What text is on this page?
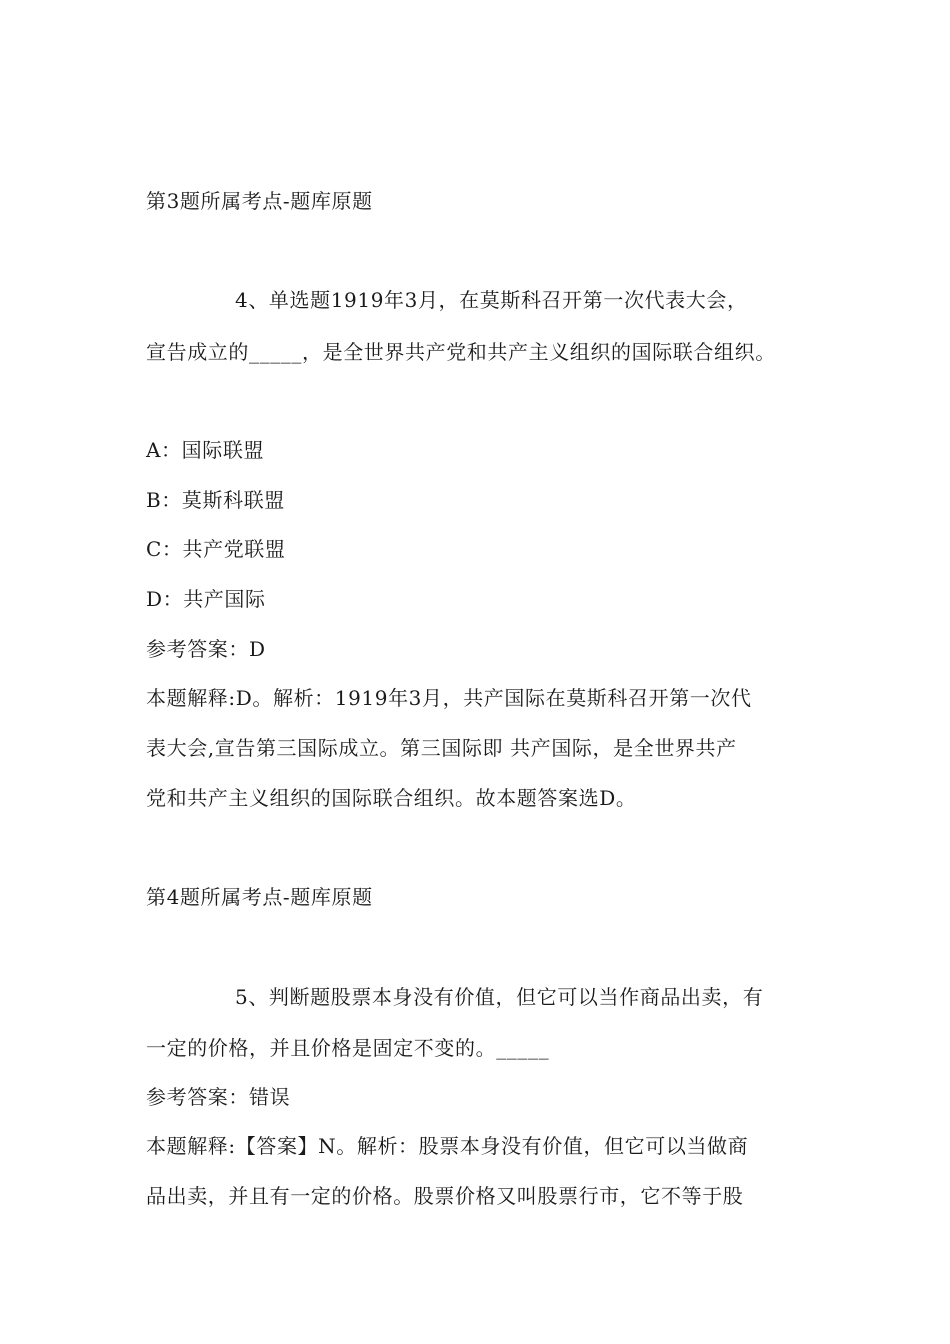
第3题所属考点-题库原题
4、单选题1919年3月，在莫斯科召开第一次代表大会，
宣告成立的_____，是全世界共产党和共产主义组织的国际联合组织。
A：国际联盟
B：莫斯科联盟
C：共产党联盟
D：共产国际
参考答案：D
本题解释:D。解析：1919年3月，共产国际在莫斯科召开第一次代
表大会,宣告第三国际成立。第三国际即 共产国际，是全世界共产
党和共产主义组织的国际联合组织。故本题答案选D。
第4题所属考点-题库原题
5、判断题股票本身没有价值，但它可以当作商品出卖，有
一定的价格，并且价格是固定不变的。_____
参考答案：错误
本题解释:【答案】N。解析：股票本身没有价值，但它可以当做商
品出卖，并且有一定的价格。股票价格又叫股票行市，它不等于股
